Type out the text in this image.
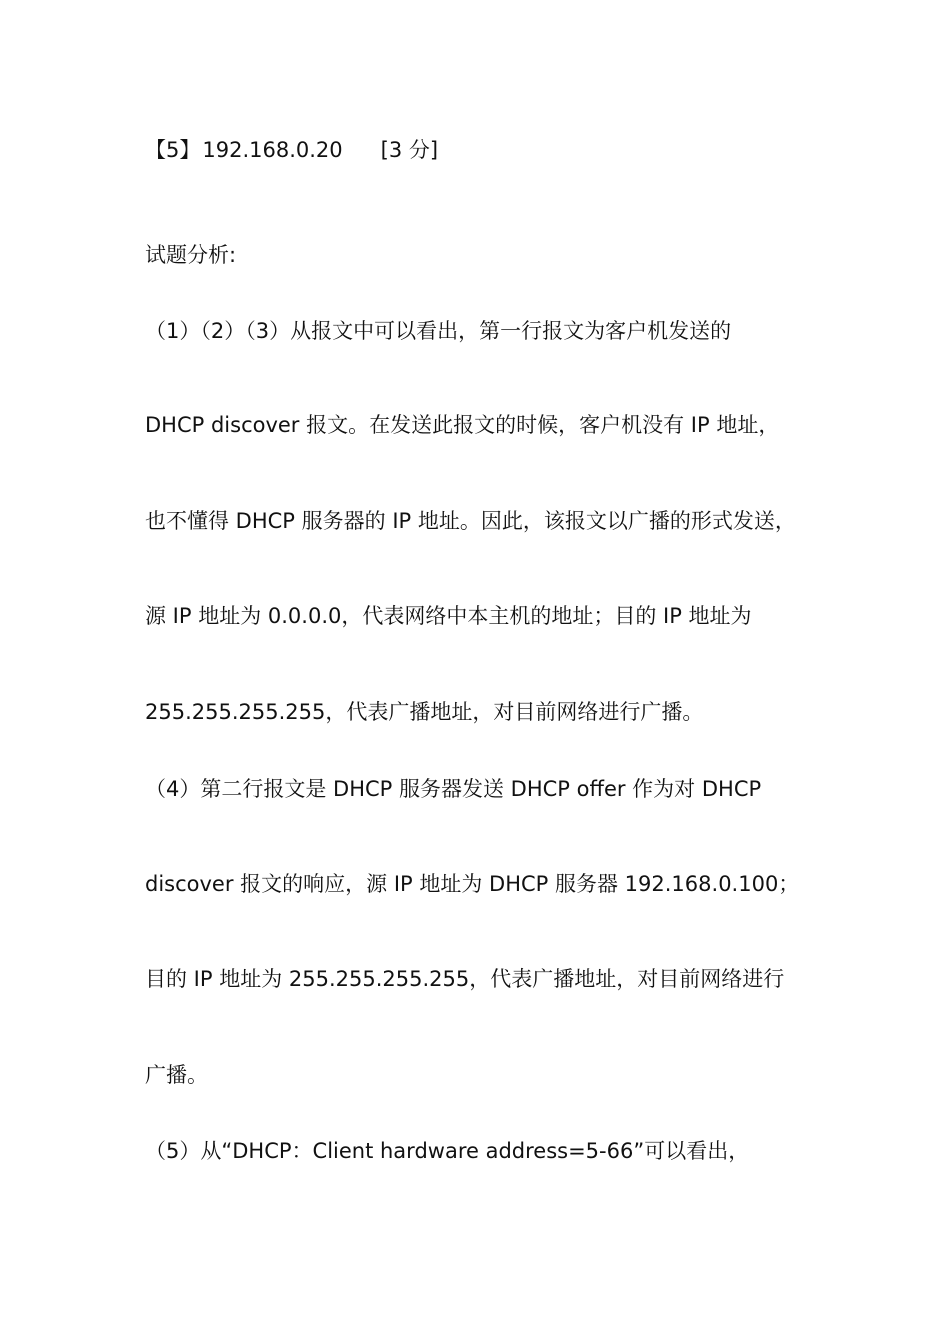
【5】192.168.0.20 [3 分]
试题分析:
（1）（2）（3）从报文中可以看出，第一行报文为客户机发送的
DHCP discover 报文。在发送此报文的时候，客户机没有 IP 地址，
也不懂得 DHCP 服务器的 IP 地址。因此，该报文以广播的形式发送，
源 IP 地址为 0.0.0.0，代表网络中本主机的地址；目的 IP 地址为
255.255.255.255，代表广播地址，对目前网络进行广播。
（4）第二行报文是 DHCP 服务器发送 DHCP offer 作为对 DHCP
discover 报文的响应，源 IP 地址为 DHCP 服务器 192.168.0.100；
目的 IP 地址为 255.255.255.255，代表广播地址，对目前网络进行
广播。
（5）从“DHCP：Client hardware address=5-66”可以看出，
